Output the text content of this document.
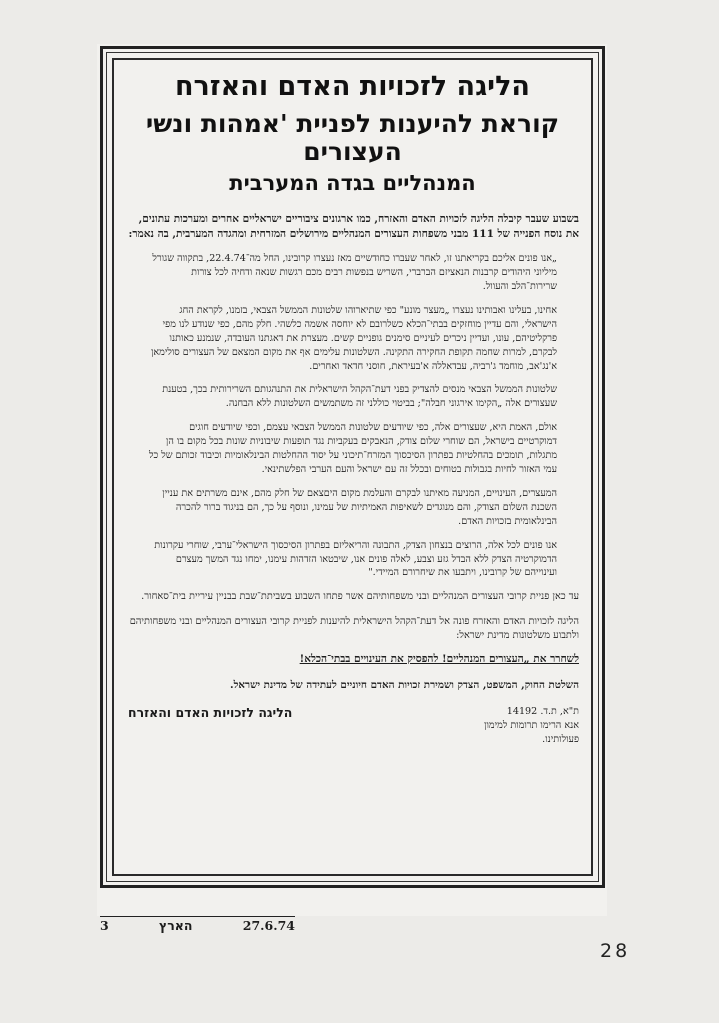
הליגה לזכויות האדם והאזרח
קוראת להיענות לפניית 'אמהות ונשי העצורים
המנהליים בגדה המערבית

בשבוע שעבר קיבלה הליגה לזכויות האדם והאזרח, כמו ארגונים ציבוריים ישראליים אחרים ומערכות עתונים, את נוסח הפנייה של 111 מבני משפחות העצורים המנהליים מירושלים המזרחית ומהגדה המערבית, בה נאמר:

„אנו פונים אליכם בקריאתנו זו, לאחר שעברו כחודשיים מאז נעצרו קרובינו, החל מה־22.4.74, בתקווה שגורל מיליוני היהודים קרבנות הנאציזם הברברי, השריש בנפשות רבים מכם רגשות שנאה ודחיה לכל צורות שרירות־הלב והעוול.

אחינו, בעלינו ואבותינו נעצרו „מעצר מונע" כפי שתיארוהו שלטונות הממשל הצבאי, בזמנו, לקראת החג הישראלי, והם עדיין מוחזקים בבתי־הכלא כשלרובם לא יוחסה אשמה כלשהי. חלק מהם, כפי שנודע לנו מפי פרקליטיהם, עונו, ועדיין ניכרים לעיניים סימנים גופניים קשים. מעצרת את דאגתנו העובדה, שנמנע כאותנו לבקרם, למרות שחמה תקופת החקירה התקינה. השלטונות עלימים אף את מקום המצאם של העצורים סולימאן א'נג'אב, מוחמד ג'רביה, עבדאללה א'בעיראת, חוסני חדאד ואחרים.

שלטונות הממשל הצבאי מנסים להצדיק בפני דעת־הקהל הישראלית את התנהגותם השרירותית בכך, בטענת שעצורים אלה „הקימו אירגוני חבלה"; בביטוי כוללני זה משתמשים השלטונות ללא הבחנה.

אולם, האמת היא, שעצורים אלה, כפי שיודעים שלטונות הממשל הצבאי עצמם, וכפי שיודעים חוגים דמוקרטיים בישראל, הם שוחרי שלום צודק, הנאבקים בעקביות נגד תופעות שיבוניות שונות בכל מקום בו הן מתגלות, תומכים בהחלטיות בפתרון הסיכסוך המזרח־תיכוני על יסוד ההחלטות הבינלאומיות וכיבוד זכותם של כל עמי האזור לחיות בגבולות בטוחים ובכלל זה עם ישראל והעם הערבי הפלשתינאי.

המעצרים, העינויים, המניעה מאיתנו לבקרם והעלמת מקום היםצאם של חלק מהם, אינם משרתים את עניין השכנת השלום הצודק, והם מנוגדים לשאיפות האמיתיות של עמינו, ונוסף על כך, הם בניגוד ברור להכרה הבינלאומית בזכויות האדם.

אנו פונים לכל אלה, הרוצים בנצחון הצדק, התבונה והריאליזם בפתרון הסיכסוך הישראלי־ערבי, שוחרי עקרונות הדמוקרטיה הצדק ללא הבדל גזע וצבע, לאלה פונים אנו, שיבטאו הזדהות עימנו, ימחו נגד המשך מעצרם ועינוייהם של קרובינו, ויתבעו את שיחרורם המיידי."

עד כאן פניית קרובי העצורים המנהליים ובני משפחותיהם אשר פתחו השבוע בשביתת־שבת בבניין עיריית בית־סאחור.

הליגה לזכויות האדם והאזרח פונה אל דעת־הקהל הישראלית להיענות לפניית קרובי העצורים המנהליים ובני משפחותיהם ולתבוע משלטונות מדינת ישראל:

לשחרר את „העצורים המנהליים! להפסיק את העינויים בבתי־הכלא!
השלטת החוק, המשפט, הצדק ושמירת זכויות האדם חיוניים לעתידה של מדינת ישראל.
ת"א, ת.ד. 14192
אנא הרימו תרומות למימון
פעולותינו.
הליגה לזכויות האדם והאזרח
3	הארץ	27.6.74
28
